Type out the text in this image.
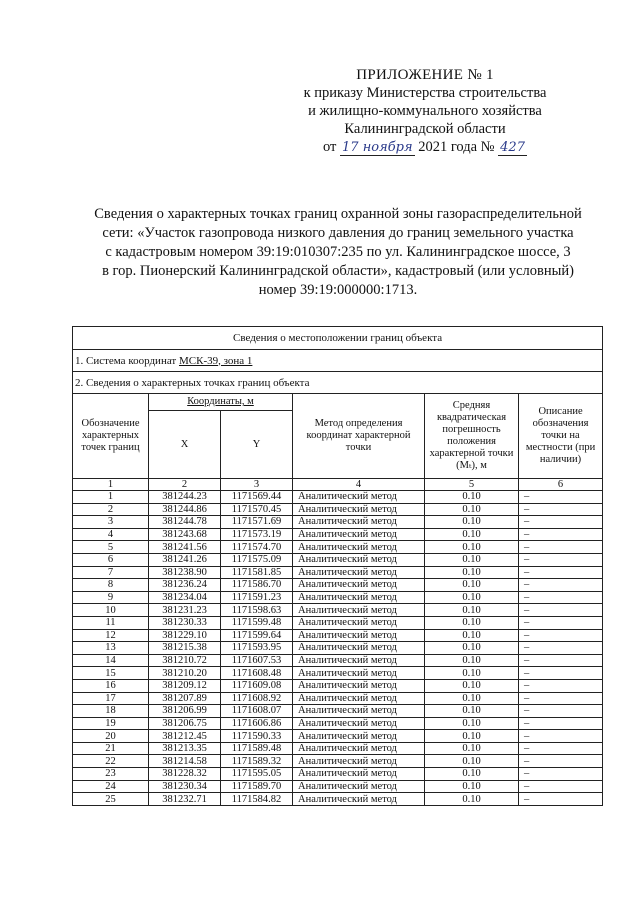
ПРИЛОЖЕНИЕ № 1
к приказу Министерства строительства
и жилищно-коммунального хозяйства
Калининградской области
от 17 ноября 2021 года № 427
Сведения о характерных точках границ охранной зоны газораспределительной
сети: «Участок газопровода низкого давления до границ земельного участка
с кадастровым номером 39:19:010307:235 по ул. Калининградское шоссе, 3
в гор. Пионерский Калининградской области», кадастровый (или условный)
номер 39:19:000000:1713.
Сведения о местоположении границ объекта					
1. Система координат МСК-39, зона 1					
2. Сведения о характерных точках границ объекта					
Обозначение характерных точек границ	Координаты, м		Метод определения координат характерной точки	Средняя квадратическая погрешность положения характерной точки (Mₜ), м	Описание обозначения точки на местности (при наличии)
	X	Y			
1	2	3	4	5	6
1	381244.23	1171569.44	Аналитический метод	0.10	–
2	381244.86	1171570.45	Аналитический метод	0.10	–
3	381244.78	1171571.69	Аналитический метод	0.10	–
4	381243.68	1171573.19	Аналитический метод	0.10	–
5	381241.56	1171574.70	Аналитический метод	0.10	–
6	381241.26	1171575.09	Аналитический метод	0.10	–
7	381238.90	1171581.85	Аналитический метод	0.10	–
8	381236.24	1171586.70	Аналитический метод	0.10	–
9	381234.04	1171591.23	Аналитический метод	0.10	–
10	381231.23	1171598.63	Аналитический метод	0.10	–
11	381230.33	1171599.48	Аналитический метод	0.10	–
12	381229.10	1171599.64	Аналитический метод	0.10	–
13	381215.38	1171593.95	Аналитический метод	0.10	–
14	381210.72	1171607.53	Аналитический метод	0.10	–
15	381210.20	1171608.48	Аналитический метод	0.10	–
16	381209.12	1171609.08	Аналитический метод	0.10	–
17	381207.89	1171608.92	Аналитический метод	0.10	–
18	381206.99	1171608.07	Аналитический метод	0.10	–
19	381206.75	1171606.86	Аналитический метод	0.10	–
20	381212.45	1171590.33	Аналитический метод	0.10	–
21	381213.35	1171589.48	Аналитический метод	0.10	–
22	381214.58	1171589.32	Аналитический метод	0.10	–
23	381228.32	1171595.05	Аналитический метод	0.10	–
24	381230.34	1171589.70	Аналитический метод	0.10	–
25	381232.71	1171584.82	Аналитический метод	0.10	–
